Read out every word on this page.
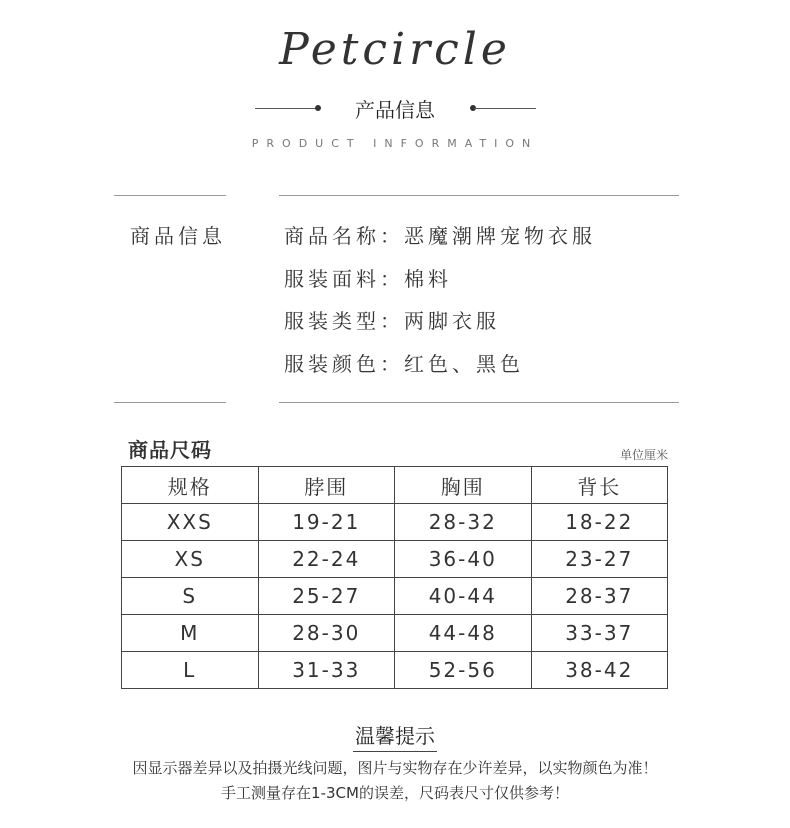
Petcircle
产品信息
PRODUCT INFORMATION
商品信息	商品名称：恶魔潮牌宠物衣服
服装面料：棉料
服装类型：两脚衣服
服装颜色：红色、黑色
商品尺码	单位厘米
规格	脖围	胸围	背长
XXS	19-21	28-32	18-22
XS	22-24	36-40	23-27
S	25-27	40-44	28-37
M	28-30	44-48	33-37
L	31-33	52-56	38-42
温馨提示
因显示器差异以及拍摄光线问题，图片与实物存在少许差异，以实物颜色为准！
手工测量存在1-3CM的误差，尺码表尺寸仅供参考！
